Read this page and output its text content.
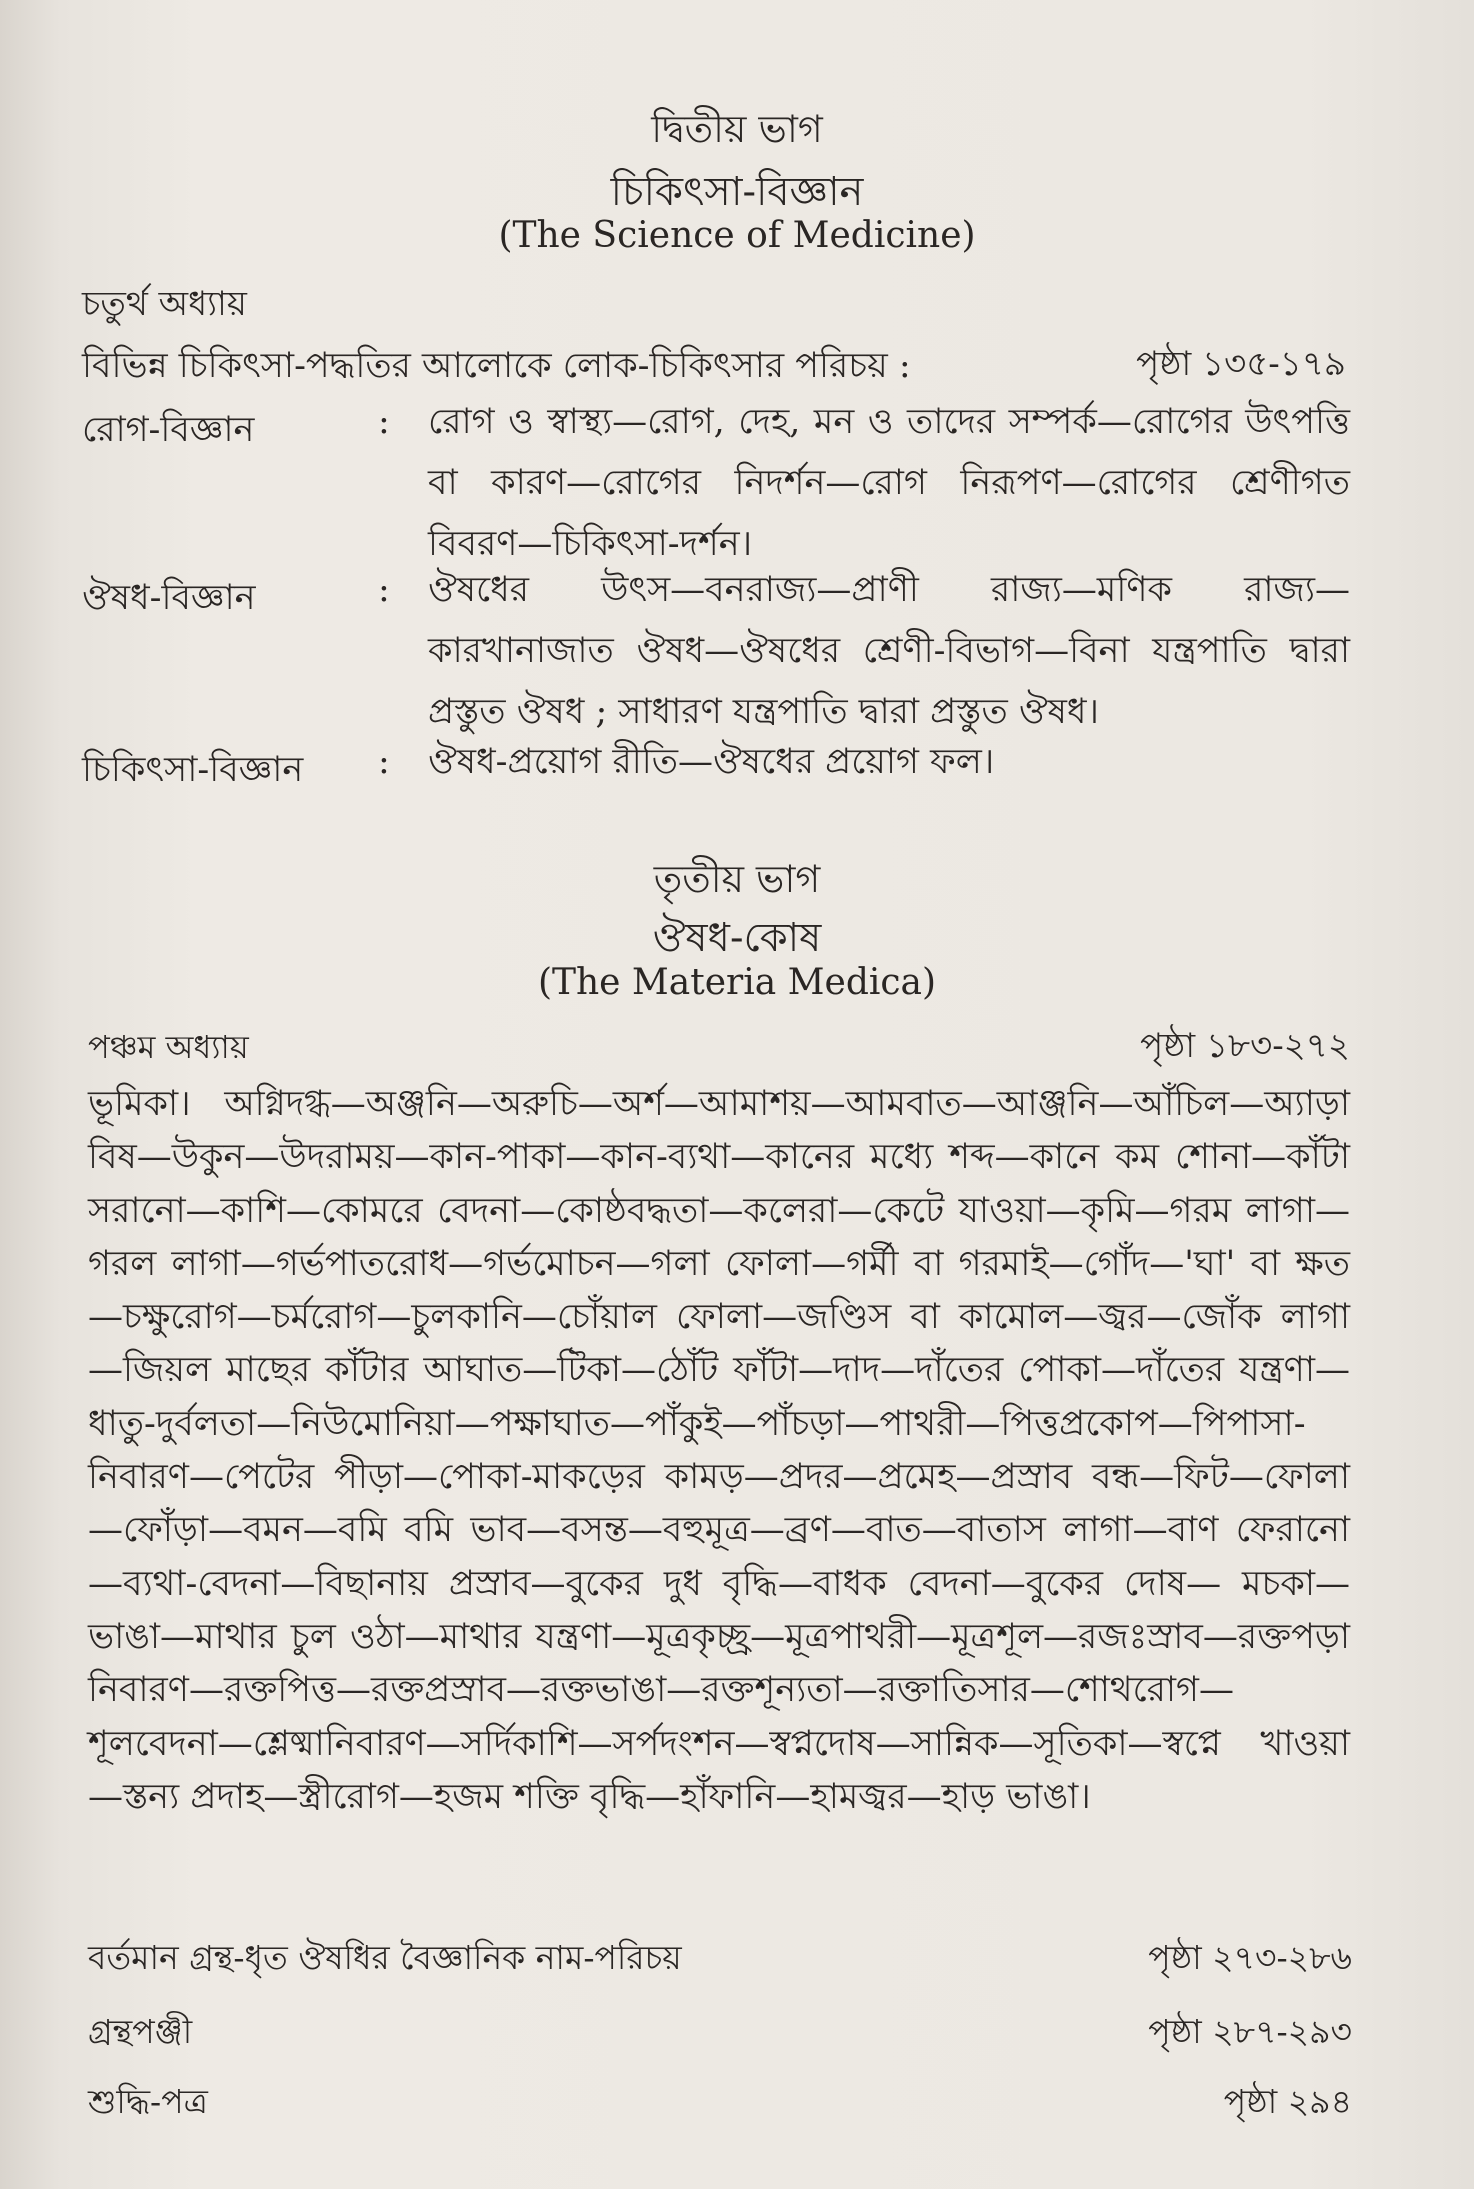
দ্বিতীয় ভাগ
চিকিৎসা-বিজ্ঞান
(The Science of Medicine)
চতুর্থ অধ্যায়
বিভিন্ন চিকিৎসা-পদ্ধতির আলোকে লোক-চিকিৎসার পরিচয় :	পৃষ্ঠা ১৩৫-১৭৯
রোগ-বিজ্ঞান	: রোগ ও স্বাস্থ্য—রোগ, দেহ, মন ও তাদের সম্পর্ক—রোগের উৎপত্তি বা কারণ—রোগের নিদর্শন—রোগ নিরূপণ—রোগের শ্রেণীগত বিবরণ—চিকিৎসা-দর্শন।
ঔষধ-বিজ্ঞান	: ঔষধের উৎস—বনরাজ্য—প্রাণী রাজ্য—মণিক রাজ্য—কারখানাজাত ঔষধ—ঔষধের শ্রেণী-বিভাগ—বিনা যন্ত্রপাতি দ্বারা প্রস্তুত ঔষধ ; সাধারণ যন্ত্রপাতি দ্বারা প্রস্তুত ঔষধ।
চিকিৎসা-বিজ্ঞান : ঔষধ-প্রয়োগ রীতি—ঔষধের প্রয়োগ ফল।
তৃতীয় ভাগ
ঔষধ-কোষ
(The Materia Medica)
পঞ্চম অধ্যায়	পৃষ্ঠা ১৮৩-২৭২
ভূমিকা। অগ্নিদগ্ধ—অঞ্জনি—অরুচি—অর্শ—আমাশয়—আমবাত—আঞ্জনি—আঁচিল—অ্যাড়া বিষ—উকুন—উদরাময়—কান-পাকা—কান-ব্যথা—কানের মধ্যে শব্দ—কানে কম শোনা—কাঁটা সরানো—কাশি—কোমরে বেদনা—কোষ্ঠবদ্ধতা—কলেরা—কেটে যাওয়া—কৃমি—গরম লাগা—গরল লাগা—গর্ভপাতরোধ—গর্ভমোচন—গলা ফোলা—গর্মী বা গরমাই—গোঁদ—'ঘা' বা ক্ষত—চক্ষুরোগ—চর্মরোগ—চুলকানি—চোঁয়াল ফোলা—জণ্ডিস বা কামোল—জ্বর—জোঁক লাগা—জিয়ল মাছের কাঁটার আঘাত—টিকা—ঠোঁট ফাঁটা—দাদ—দাঁতের পোকা—দাঁতের যন্ত্রণা—ধাতু-দুর্বলতা—নিউমোনিয়া—পক্ষাঘাত—পাঁকুই—পাঁচড়া—পাথরী—পিত্তপ্রকোপ—পিপাসা-নিবারণ—পেটের পীড়া—পোকা-মাকড়ের কামড়—প্রদর—প্রমেহ—প্রস্রাব বন্ধ—ফিট—ফোলা—ফোঁড়া—বমন—বমি বমি ভাব—বসন্ত—বহুমূত্র—ব্রণ—বাত—বাতাস লাগা—বাণ ফেরানো—ব্যথা-বেদনা—বিছানায় প্রস্রাব—বুকের দুধ বৃদ্ধি—বাধক বেদনা—বুকের দোষ— মচকা—ভাঙা—মাথার চুল ওঠা—মাথার যন্ত্রণা—মূত্রকৃচ্ছ্র—মূত্রপাথরী—মূত্রশূল—রজঃস্রাব—রক্তপড়া নিবারণ—রক্তপিত্ত—রক্তপ্রস্রাব—রক্তভাঙা—রক্তশূন্যতা—রক্তাতিসার—শোথরোগ—শূলবেদনা—শ্লেষ্মানিবারণ—সর্দিকাশি—সর্পদংশন—স্বপ্নদোষ—সান্নিক—সূতিকা—স্বপ্নে খাওয়া—স্তন্য প্রদাহ—স্ত্রীরোগ—হজম শক্তি বৃদ্ধি—হাঁফানি—হামজ্বর—হাড় ভাঙা।
বর্তমান গ্রন্থ-ধৃত ঔষধির বৈজ্ঞানিক নাম-পরিচয়	পৃষ্ঠা ২৭৩-২৮৬
গ্রন্থপঞ্জী	পৃষ্ঠা ২৮৭-২৯৩
শুদ্ধি-পত্র	পৃষ্ঠা ২৯৪
